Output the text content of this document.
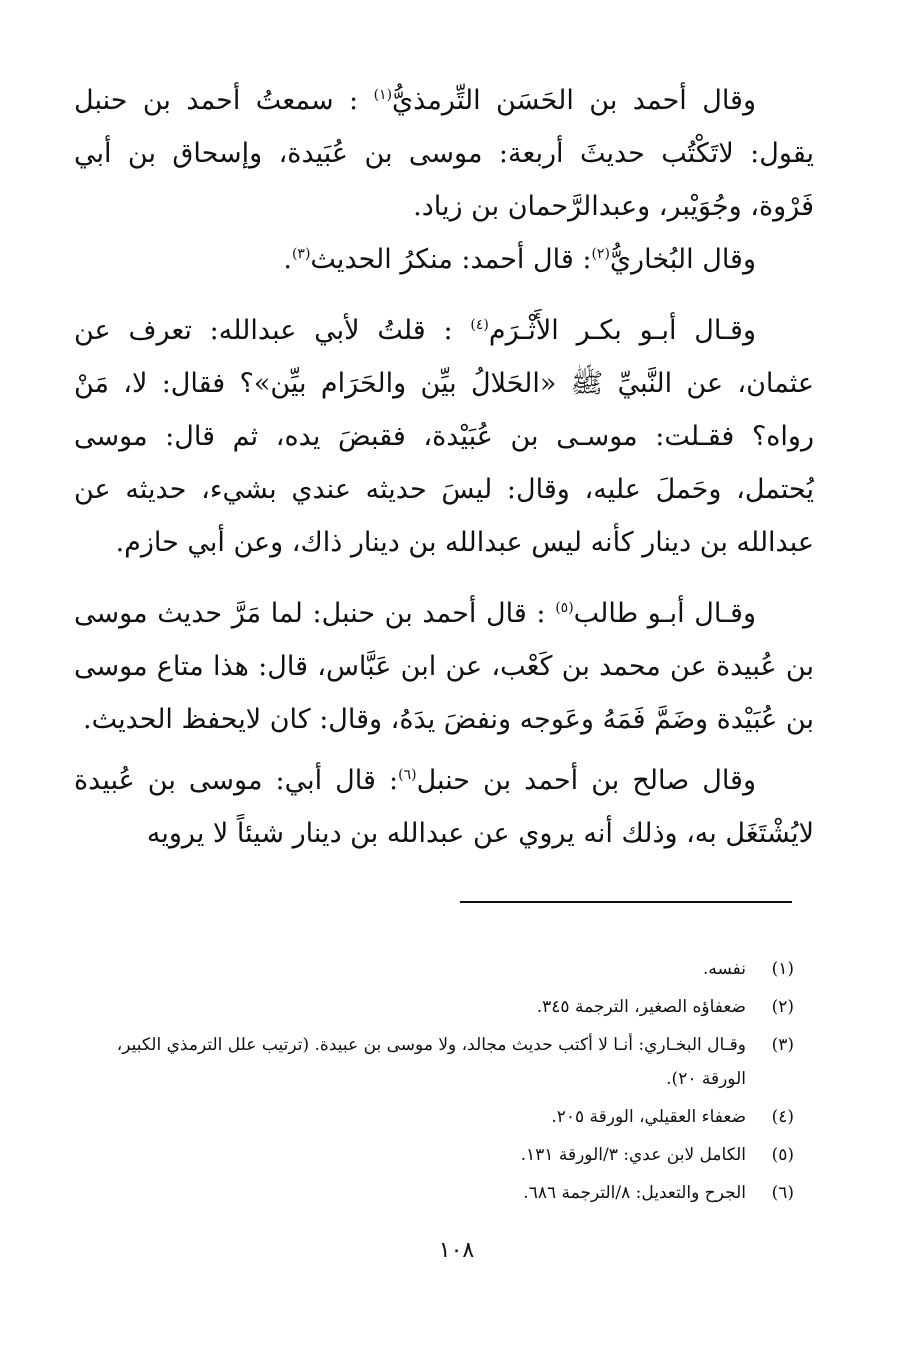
وقال أحمد بن الحَسَن التِّرمذيُّ$^{(١)}$ : سمعتُ أحمد بن حنبل يقول: لاتَكْتُب حديثَ أربعة: موسى بن عُبَيدة، وإسحاق بن أبي فَرْوة، وجُوَيْبر، وعبدالرَّحمان بن زياد.

وقال البُخاريُّ$^{(٢)}$: قال أحمد: منكرُ الحديث$^{(٣)}$.

وقـال أبـو بكـر الأَثْـرَم$^{(٤)}$ : قلتُ لأبي عبدالله: تعرف عن عثمان، عن النَّبيِّ ﷺ «الحَلالُ بيِّن والحَرَام بيِّن»؟ فقال: لا، مَنْ رواه؟ فقـلت: موسـى بن عُبَيْدة، فقبضَ يده، ثم قال: موسى يُحتمل، وحَملَ عليه، وقال: ليسَ حديثه عندي بشيء، حديثه عن عبدالله بن دينار كأنه ليس عبدالله بن دينار ذاك، وعن أبي حازم.

وقـال أبـو طالب$^{(٥)}$ : قال أحمد بن حنبل: لما مَرَّ حديث موسى بن عُبيدة عن محمد بن كَعْب، عن ابن عَبَّاس، قال: هذا متاع موسى بن عُبَيْدة وضَمَّ فَمَهُ وعَوجه ونفضَ يدَهُ، وقال: كان لايحفظ الحديث.

وقال صالح بن أحمد بن حنبل$^{(٦)}$: قال أبي: موسى بن عُبيدة لايُشْتَغَل به، وذلك أنه يروي عن عبدالله بن دينار شيئاً لا يرويه

(١)
نفسه.
(٢)
ضعفاؤه الصغير، الترجمة ٣٤٥.
(٣)
وقـال البخـاري: أنـا لا أكتب حديث مجالد، ولا موسى بن عبيدة. (ترتيب علل الترمذي الكبير، الورقة ٢٠).
(٤)
ضعفاء العقيلي، الورقة ٢٠٥.
(٥)
الكامل لابن عدي: ٣/الورقة ١٣١.
(٦)
الجرح والتعديل: ٨/الترجمة ٦٨٦.
١٠٨
